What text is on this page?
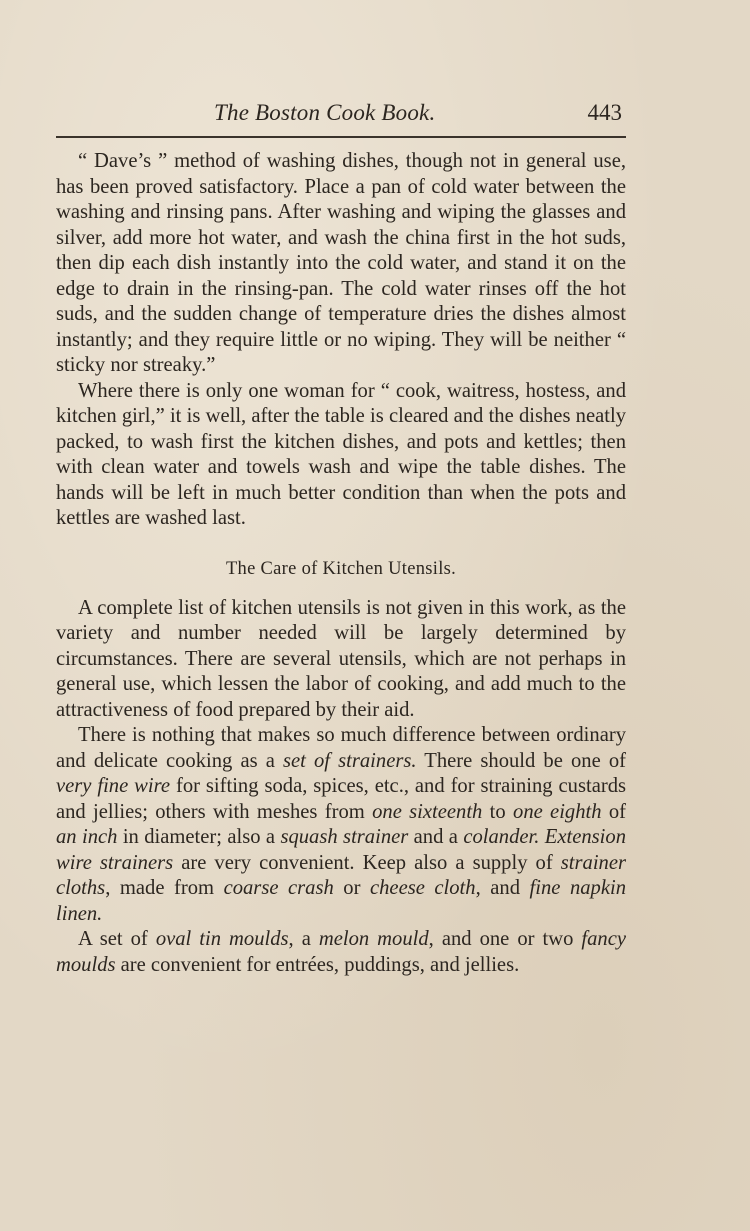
The Boston Cook Book.	443

“ Dave’s ” method of washing dishes, though not in general use, has been proved satisfactory. Place a pan of cold water between the washing and rinsing pans. After washing and wiping the glasses and silver, add more hot water, and wash the china first in the hot suds, then dip each dish instantly into the cold water, and stand it on the edge to drain in the rinsing-pan. The cold water rinses off the hot suds, and the sudden change of temperature dries the dishes almost instantly; and they require little or no wiping. They will be neither “ sticky nor streaky.”

Where there is only one woman for “ cook, waitress, hostess, and kitchen girl,” it is well, after the table is cleared and the dishes neatly packed, to wash first the kitchen dishes, and pots and kettles; then with clean water and towels wash and wipe the table dishes. The hands will be left in much better condition than when the pots and kettles are washed last.

The Care of Kitchen Utensils.

A complete list of kitchen utensils is not given in this work, as the variety and number needed will be largely determined by circumstances. There are several utensils, which are not perhaps in general use, which lessen the labor of cooking, and add much to the attractiveness of food prepared by their aid.

There is nothing that makes so much difference between ordinary and delicate cooking as a set of strainers. There should be one of very fine wire for sifting soda, spices, etc., and for straining custards and jellies; others with meshes from one sixteenth to one eighth of an inch in diameter; also a squash strainer and a colander. Extension wire strainers are very convenient. Keep also a supply of strainer cloths, made from coarse crash or cheese cloth, and fine napkin linen.

A set of oval tin moulds, a melon mould, and one or two fancy moulds are convenient for entrées, puddings, and jellies.
